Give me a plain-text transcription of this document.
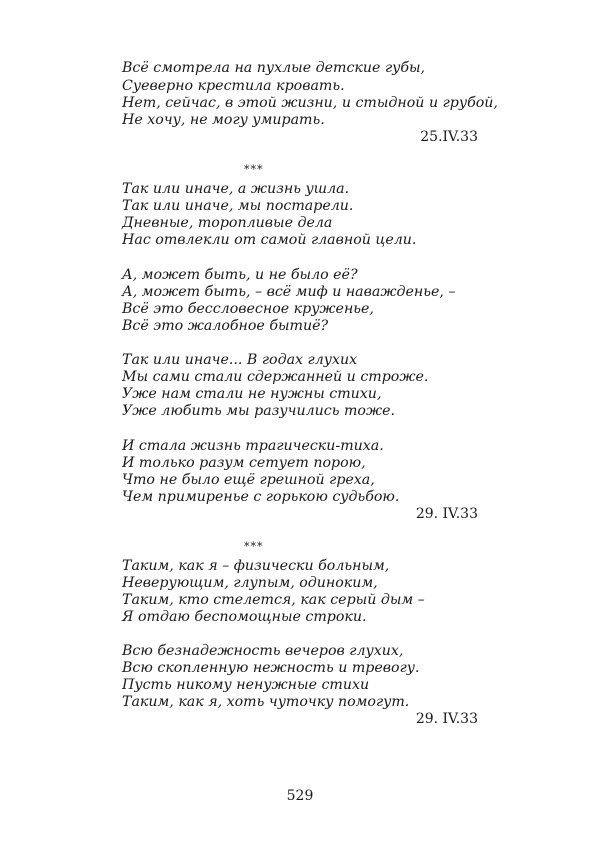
Всё смотрела на пухлые детские губы,
Суеверно крестила кровать.
Нет, сейчас, в этой жизни, и стыдной и грубой,
Не хочу, не могу умирать.
25.IV.33
***
Так или иначе, а жизнь ушла.
Так или иначе, мы постарели.
Дневные, торопливые дела
Нас отвлекли от самой главной цели.
А, может быть, и не было её?
А, может быть, – всё миф и наважденье, –
Всё это бессловесное круженье,
Всё это жалобное бытиё?
Так или иначе... В годах глухих
Мы сами стали сдержанней и строже.
Уже нам стали не нужны стихи,
Уже любить мы разучились тоже.
И стала жизнь трагически-тиха.
И только разум сетует порою,
Что не было ещё грешной греха,
Чем примиренье с горькою судьбою.
29. IV.33
***
Таким, как я – физически больным,
Неверующим, глупым, одиноким,
Таким, кто стелется, как серый дым –
Я отдаю беспомощные строки.
Всю безнадежность вечеров глухих,
Всю скопленную нежность и тревогу.
Пусть никому ненужные стихи
Таким, как я, хоть чуточку помогут.
29. IV.33
529
